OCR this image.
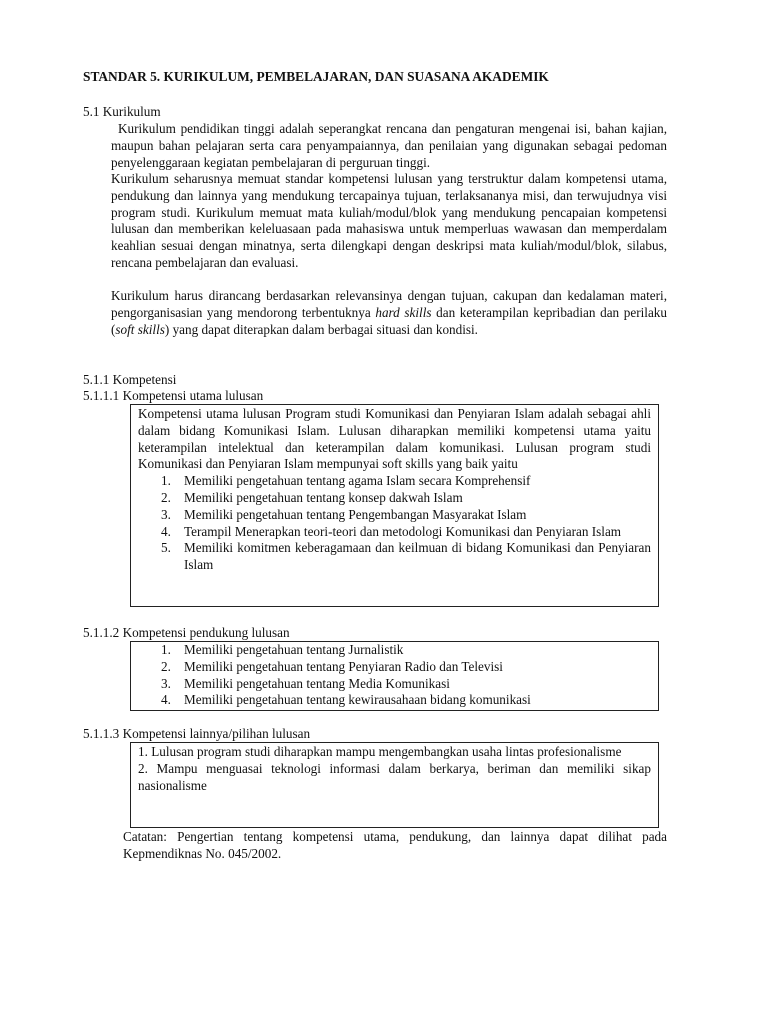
STANDAR 5. KURIKULUM, PEMBELAJARAN, DAN SUASANA AKADEMIK
5.1 Kurikulum
Kurikulum pendidikan tinggi adalah seperangkat rencana dan pengaturan mengenai isi, bahan kajian, maupun bahan pelajaran serta cara penyampaiannya, dan penilaian yang digunakan sebagai pedoman penyelenggaraan kegiatan pembelajaran di perguruan tinggi.
Kurikulum seharusnya memuat standar kompetensi lulusan yang terstruktur dalam kompetensi utama, pendukung dan lainnya yang mendukung tercapainya tujuan, terlaksananya misi, dan terwujudnya visi program studi. Kurikulum memuat mata kuliah/modul/blok yang mendukung pencapaian kompetensi lulusan dan memberikan keleluasaan pada mahasiswa untuk memperluas wawasan dan memperdalam keahlian sesuai dengan minatnya, serta dilengkapi dengan deskripsi mata kuliah/modul/blok, silabus, rencana pembelajaran dan evaluasi.
Kurikulum harus dirancang berdasarkan relevansinya dengan tujuan, cakupan dan kedalaman materi, pengorganisasian yang mendorong terbentuknya hard skills dan keterampilan kepribadian dan perilaku (soft skills) yang dapat diterapkan dalam berbagai situasi dan kondisi.
5.1.1 Kompetensi
5.1.1.1 Kompetensi utama lulusan
Kompetensi utama lulusan Program studi Komunikasi dan Penyiaran Islam adalah sebagai ahli dalam bidang Komunikasi Islam. Lulusan diharapkan memiliki kompetensi utama yaitu keterampilan intelektual dan keterampilan dalam komunikasi. Lulusan program studi Komunikasi dan Penyiaran Islam mempunyai soft skills yang baik yaitu
1. Memiliki pengetahuan tentang agama Islam secara Komprehensif
2. Memiliki pengetahuan tentang konsep dakwah Islam
3. Memiliki pengetahuan tentang Pengembangan Masyarakat Islam
4. Terampil Menerapkan teori-teori dan metodologi Komunikasi dan Penyiaran Islam
5. Memiliki komitmen keberagamaan dan keilmuan di bidang Komunikasi dan Penyiaran Islam
5.1.1.2 Kompetensi pendukung lulusan
1. Memiliki pengetahuan tentang Jurnalistik
2. Memiliki pengetahuan tentang Penyiaran Radio dan Televisi
3. Memiliki pengetahuan tentang Media Komunikasi
4. Memiliki pengetahuan tentang kewirausahaan bidang komunikasi
5.1.1.3 Kompetensi lainnya/pilihan lulusan
1. Lulusan program studi diharapkan mampu mengembangkan usaha lintas profesionalisme
2. Mampu menguasai teknologi informasi dalam berkarya, beriman dan memiliki sikap nasionalisme
Catatan: Pengertian tentang kompetensi utama, pendukung, dan lainnya dapat dilihat pada Kepmendiknas No. 045/2002.
